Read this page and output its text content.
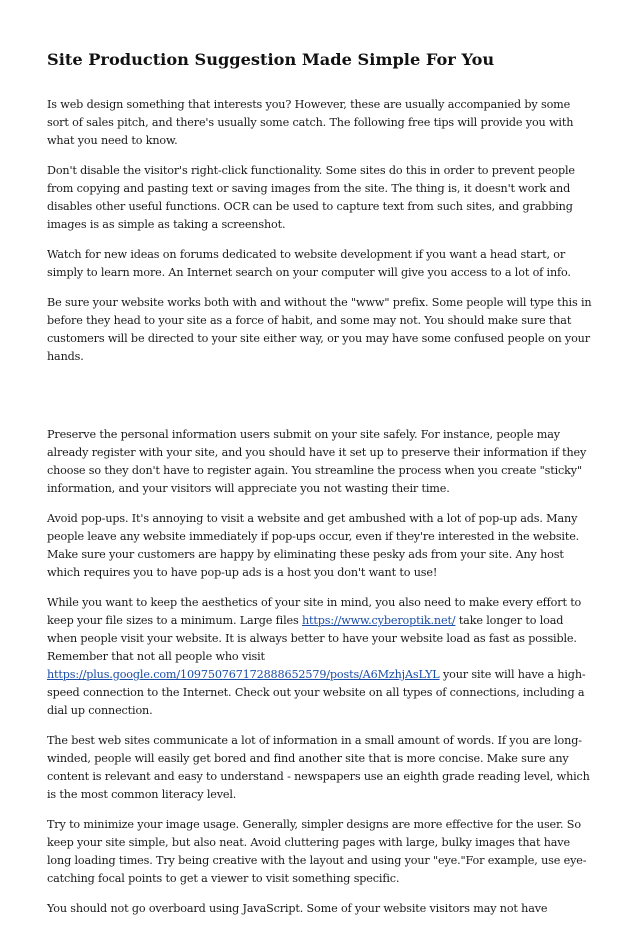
Site Production Suggestion Made Simple For You

Is web design something that interests you? However, these are usually accompanied by some sort of sales pitch, and there's usually some catch. The following free tips will provide you with what you need to know.

Don't disable the visitor's right-click functionality. Some sites do this in order to prevent people from copying and pasting text or saving images from the site. The thing is, it doesn't work and disables other useful functions. OCR can be used to capture text from such sites, and grabbing images is as simple as taking a screenshot.

Watch for new ideas on forums dedicated to website development if you want a head start, or simply to learn more. An Internet search on your computer will give you access to a lot of info.

Be sure your website works both with and without the "www" prefix. Some people will type this in before they head to your site as a force of habit, and some may not. You should make sure that customers will be directed to your site either way, or you may have some confused people on your hands.

Preserve the personal information users submit on your site safely. For instance, people may already register with your site, and you should have it set up to preserve their information if they choose so they don't have to register again. You streamline the process when you create "sticky" information, and your visitors will appreciate you not wasting their time.

Avoid pop-ups. It's annoying to visit a website and get ambushed with a lot of pop-up ads. Many people leave any website immediately if pop-ups occur, even if they're interested in the website. Make sure your customers are happy by eliminating these pesky ads from your site. Any host which requires you to have pop-up ads is a host you don't want to use!

While you want to keep the aesthetics of your site in mind, you also need to make every effort to keep your file sizes to a minimum. Large files https://www.cyberoptik.net/ take longer to load when people visit your website. It is always better to have your website load as fast as possible. Remember that not all people who visit https://plus.google.com/109750767172888652579/posts/A6MzhjAsLYL your site will have a high-speed connection to the Internet. Check out your website on all types of connections, including a dial up connection.

The best web sites communicate a lot of information in a small amount of words. If you are long-winded, people will easily get bored and find another site that is more concise. Make sure any content is relevant and easy to understand - newspapers use an eighth grade reading level, which is the most common literacy level.

Try to minimize your image usage. Generally, simpler designs are more effective for the user. So keep your site simple, but also neat. Avoid cluttering pages with large, bulky images that have long loading times. Try being creative with the layout and using your "eye."For example, use eye-catching focal points to get a viewer to visit something specific.

You should not go overboard using JavaScript. Some of your website visitors may not have
